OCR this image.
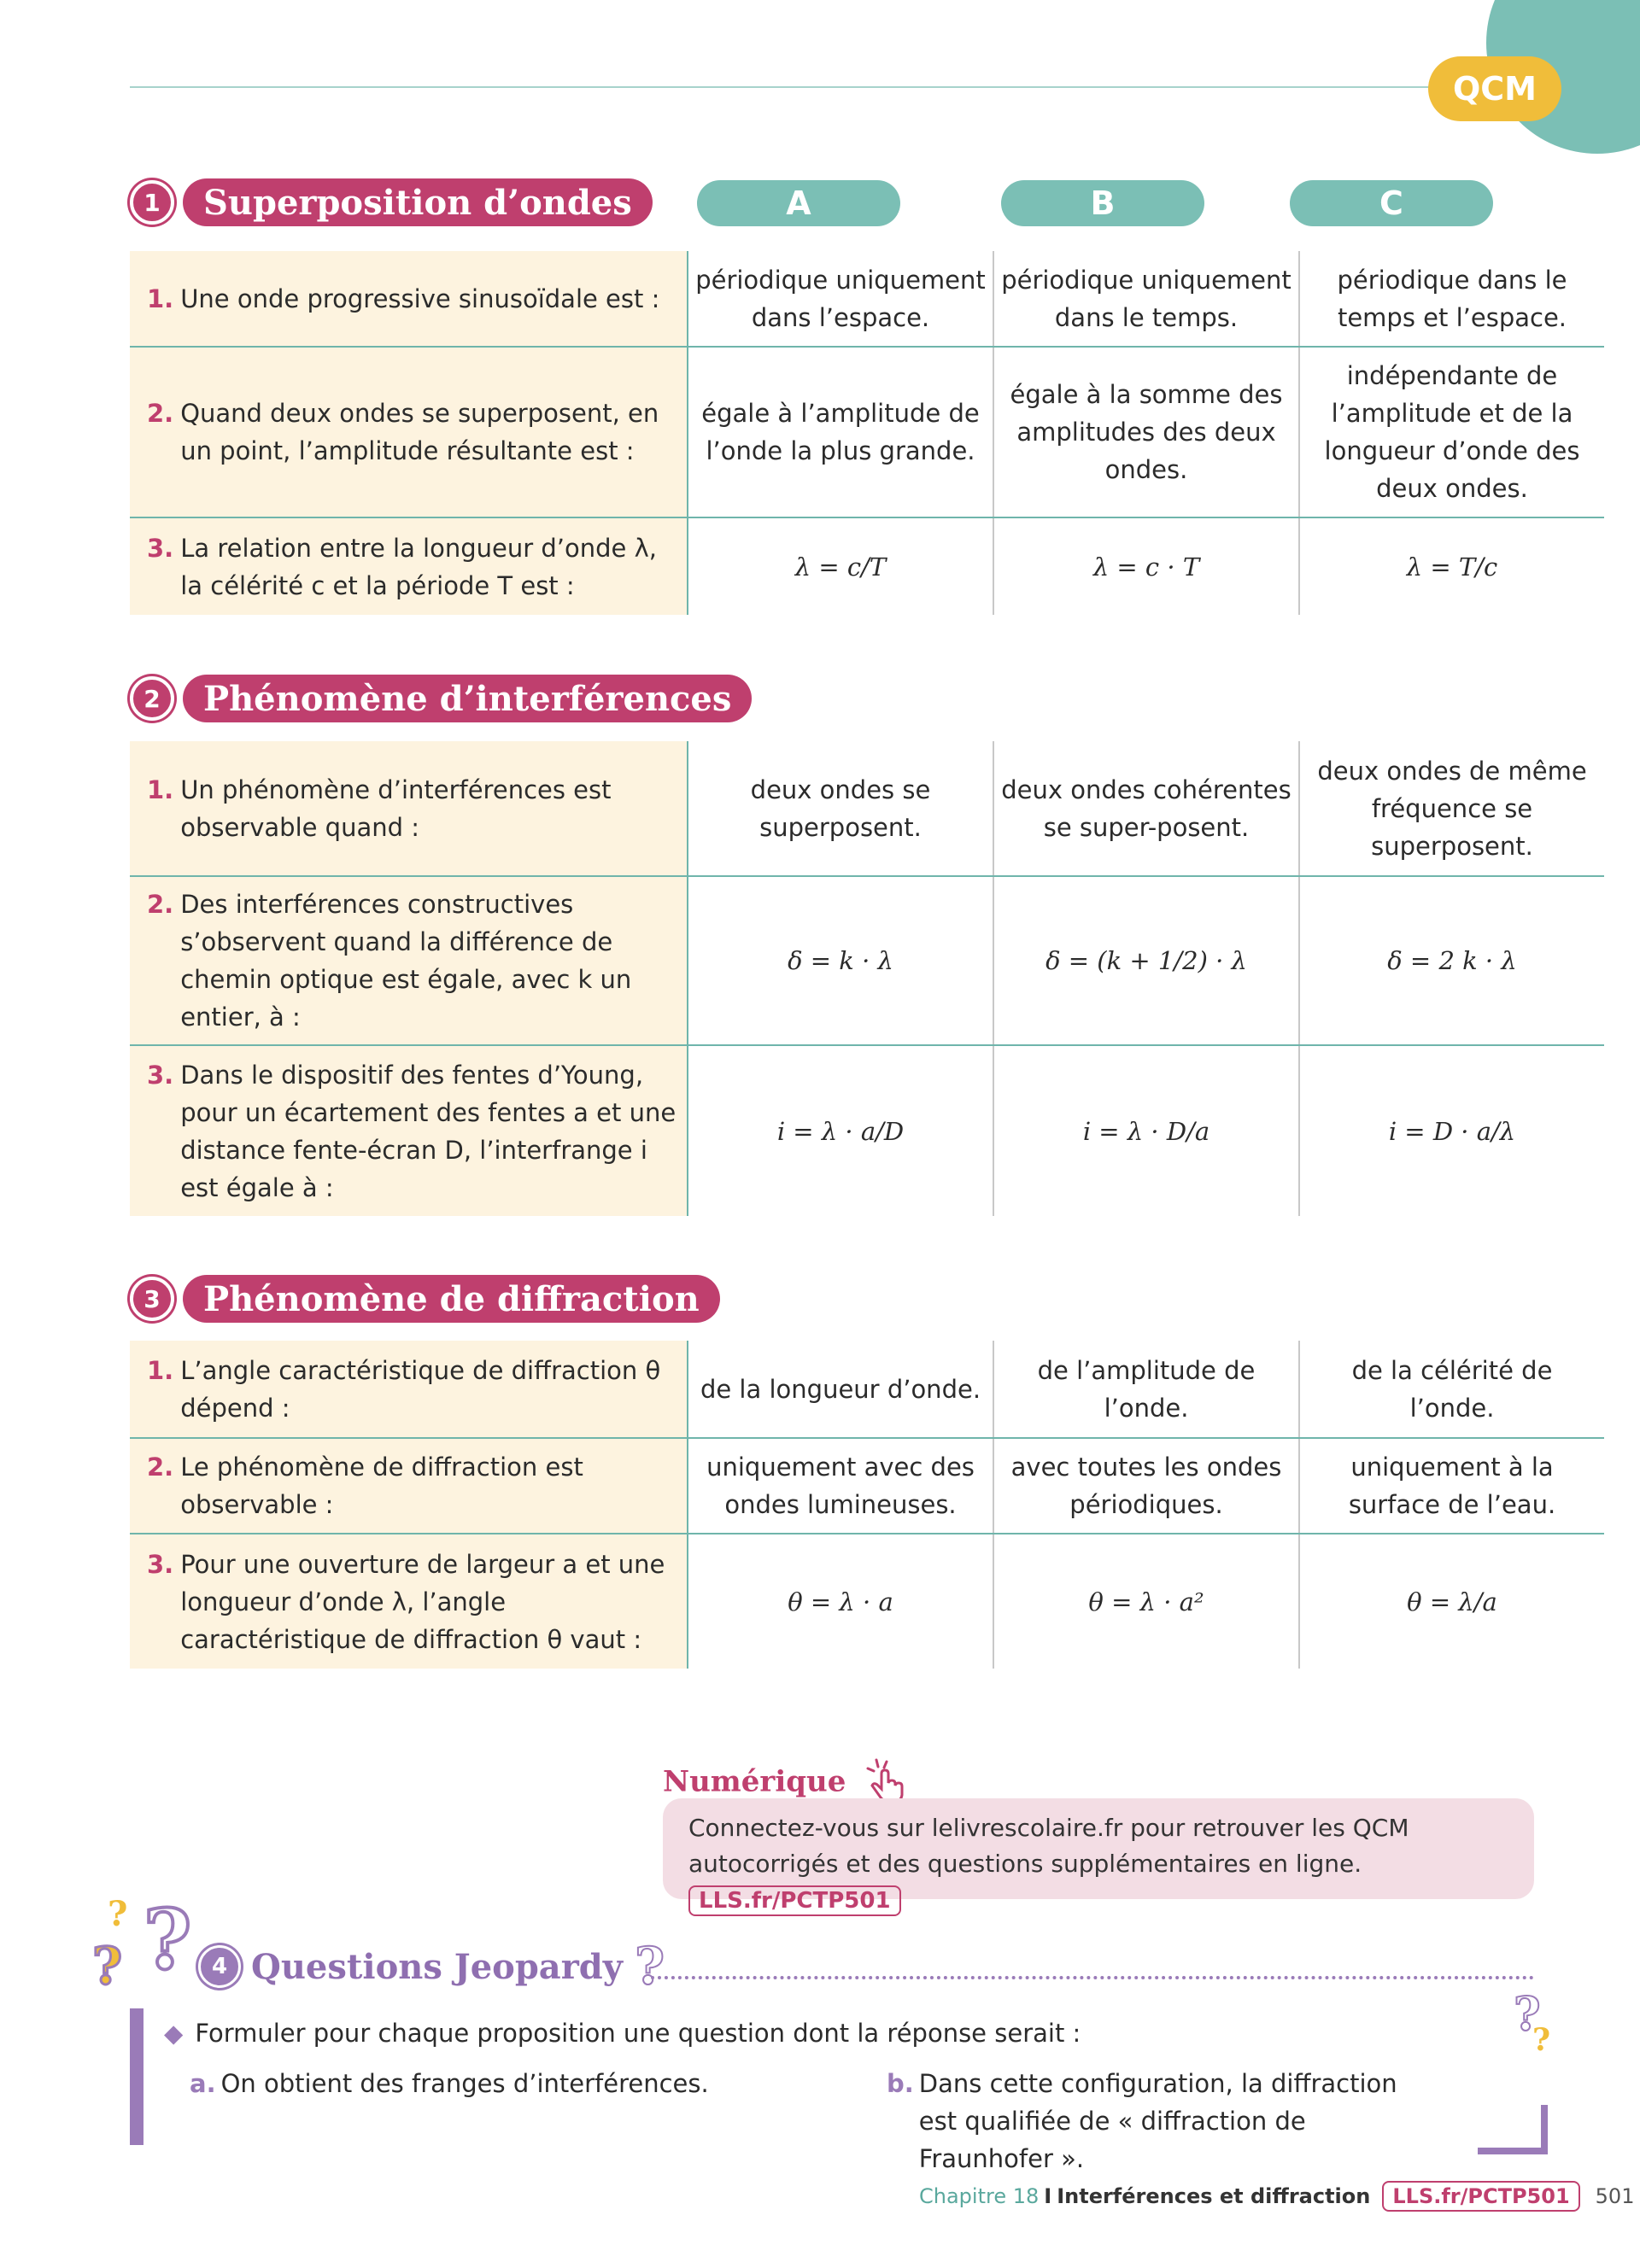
QCM
A	B	C
1	Superposition d’ondes
1. Une onde progressive sinusoïdale est :	périodique uniquement dans l’espace.	périodique uniquement dans le temps.	périodique dans le temps et l’espace.

2. Quand deux ondes se superposent, en un point, l’amplitude résultante est :	égale à l’amplitude de l’onde la plus grande.	égale à la somme des amplitudes des deux ondes.	indépendante de l’amplitude et de la longueur d’onde des deux ondes.

3. La relation entre la longueur d’onde λ, la célérité c et la période T est :	λ = c/T	λ = c · T	λ = T/c
2	Phénomène d’interférences
1. Un phénomène d’interférences est observable quand :	deux ondes se superposent.	deux ondes cohérentes se super-posent.	deux ondes de même fréquence se superposent.

2. Des interférences constructives s’observent quand la différence de chemin optique est égale, avec k un entier, à :	δ = k · λ	δ = (k + 1/2) · λ	δ = 2 k · λ

3. Dans le dispositif des fentes d’Young, pour un écartement des fentes a et une distance fente-écran D, l’interfrange i est égale à :	i = λ · a/D	i = λ · D/a	i = D · a/λ
3	Phénomène de diffraction
1. L’angle caractéristique de diffraction θ dépend :	de la longueur d’onde.	de l’amplitude de l’onde.	de la célérité de l’onde.

2. Le phénomène de diffraction est observable :	uniquement avec des ondes lumineuses.	avec toutes les ondes périodiques.	uniquement à la surface de l’eau.

3. Pour une ouverture de largeur a et une longueur d’onde λ, l’angle caractéristique de diffraction θ vaut :	θ = λ · a	θ = λ · a²	θ = λ/a
Numérique
Connectez-vous sur lelivrescolaire.fr pour retrouver les QCM autocorrigés et des questions supplémentaires en ligne. LLS.fr/PCTP501
? ?
?	4 Questions Jeopardy ?
?
?
◆ Formuler pour chaque proposition une question dont la réponse serait :
a. On obtient des franges d’interférences.	b. Dans cette configuration, la diffraction est qualifiée de « diffraction de Fraunhofer ».
Chapitre 18 I Interférences et diffraction	LLS.fr/PCTP501	501
